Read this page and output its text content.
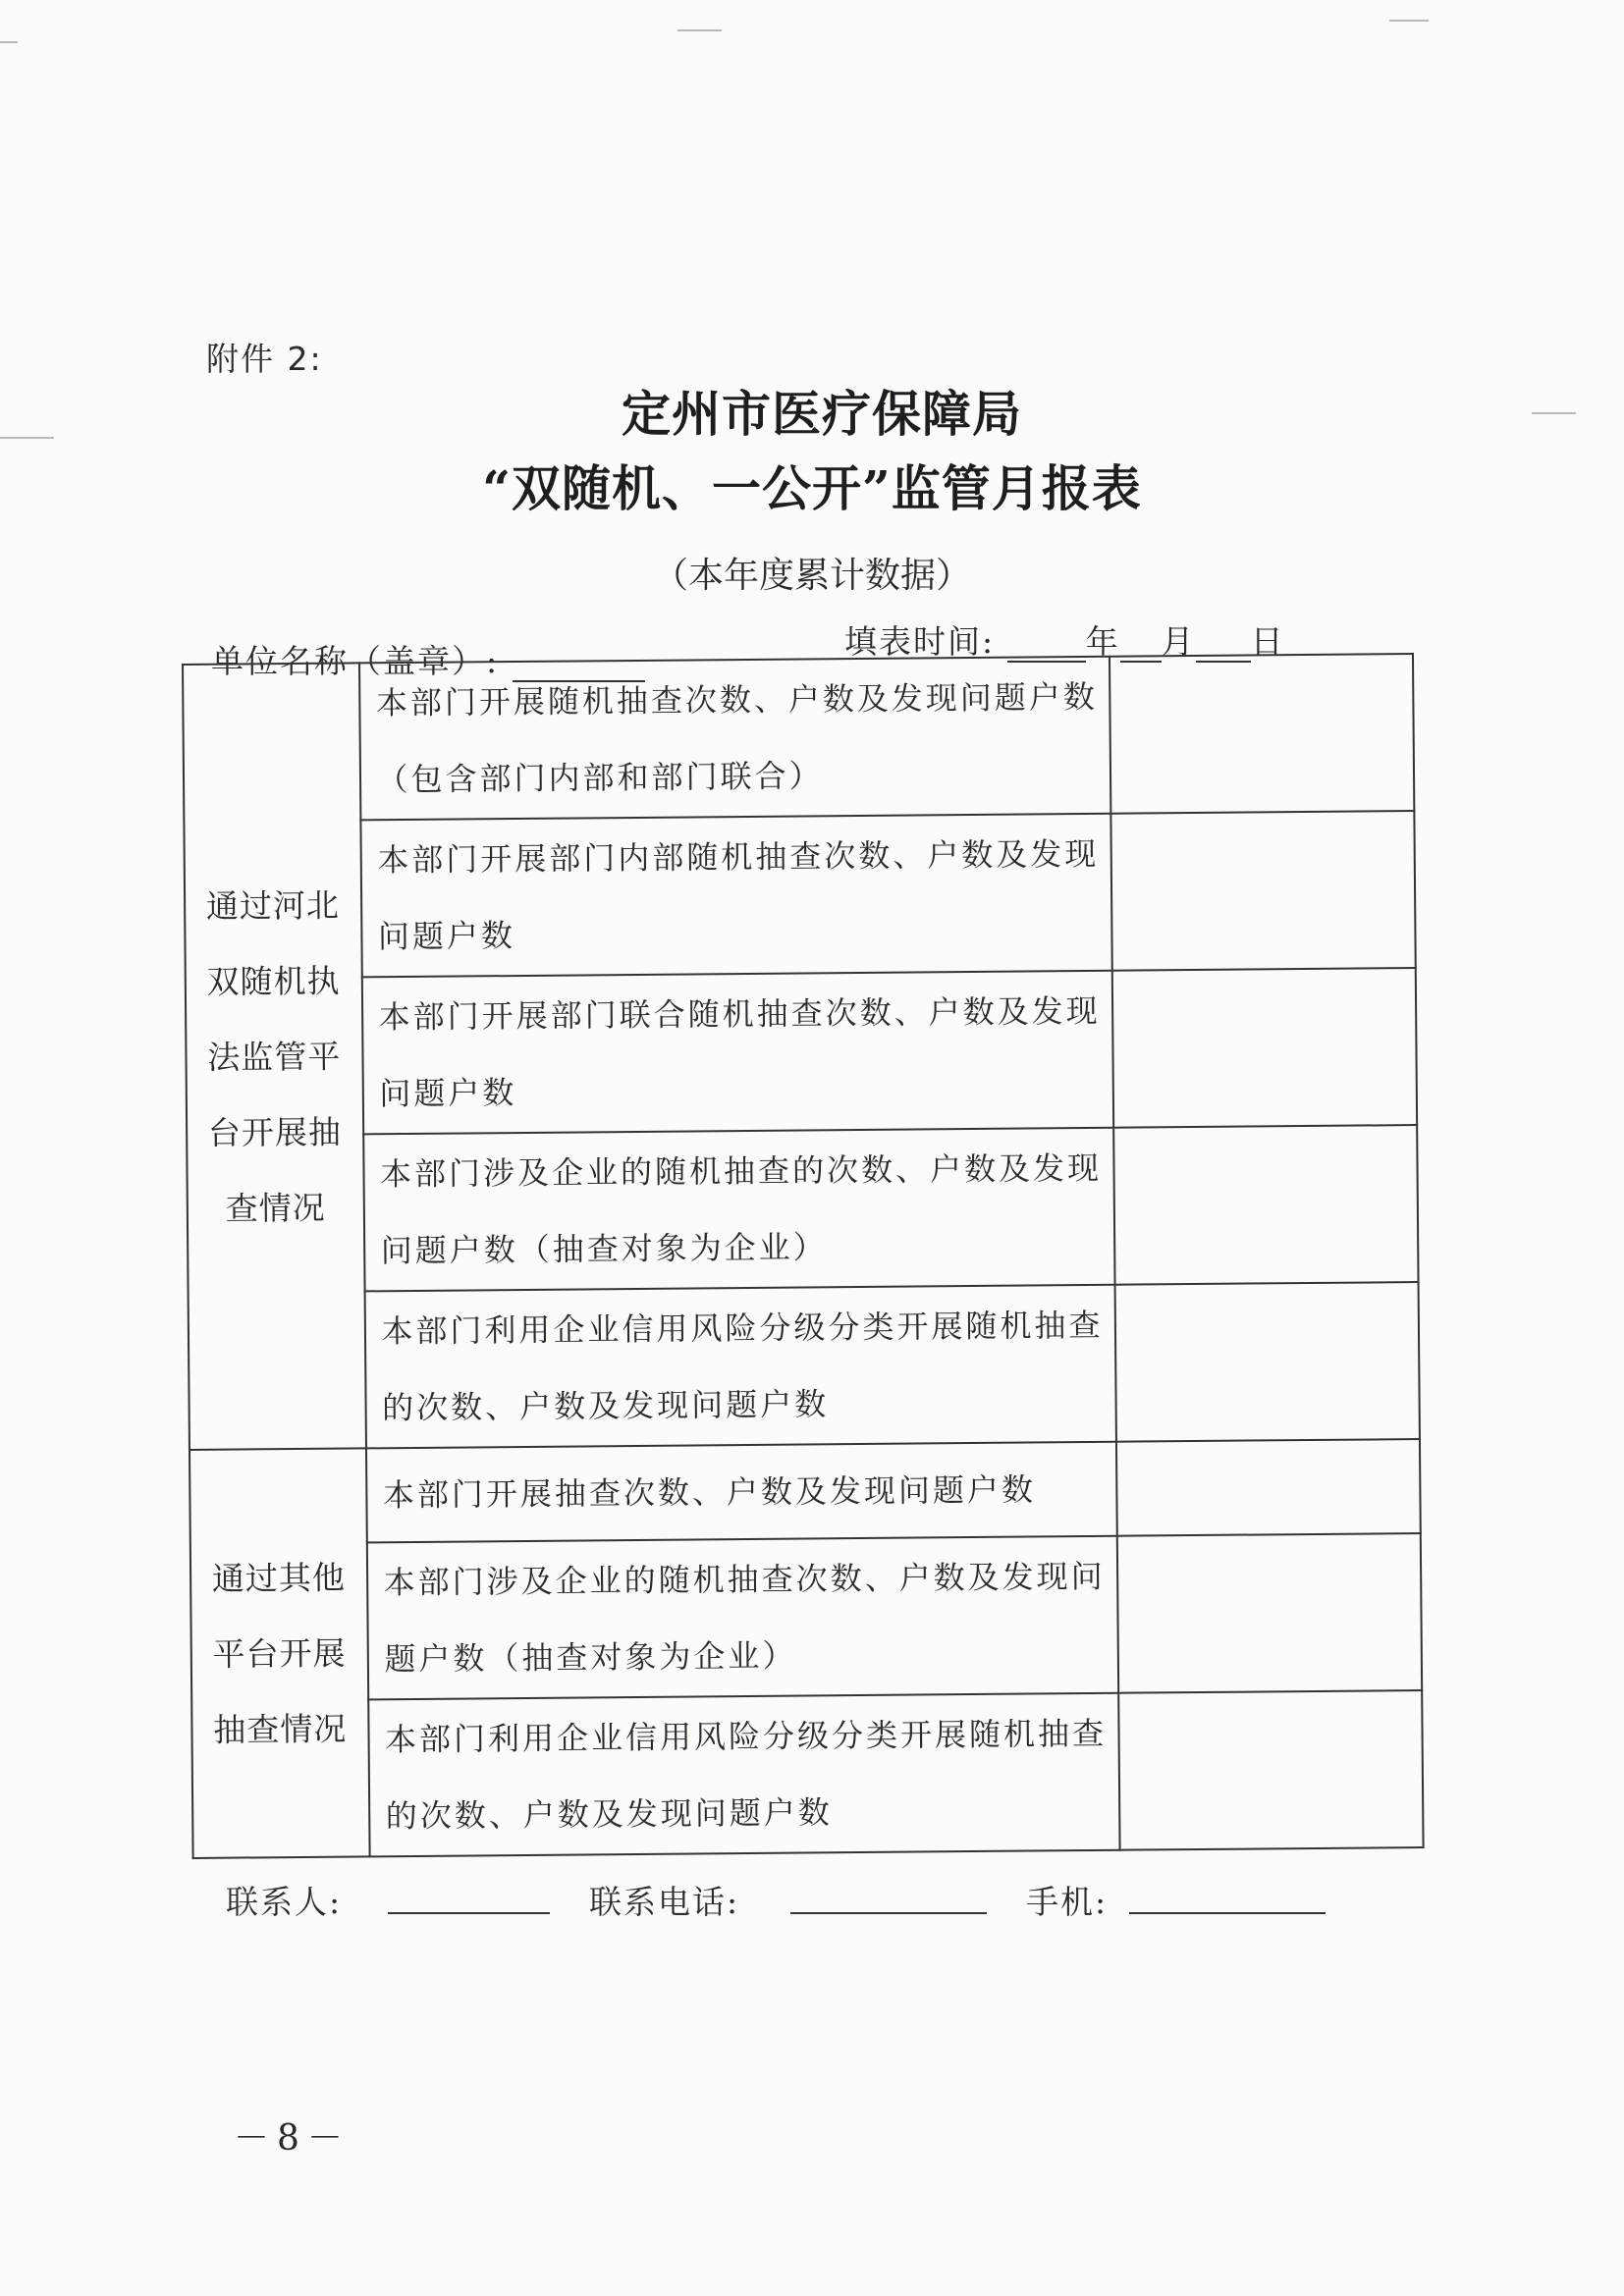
附件 2:
定州市医疗保障局
“双随机、一公开”监管月报表
（本年度累计数据）
单位名称（盖章）:
填表时间:	年 月 日
通过河北
双随机执
法监管平
台开展抽
查情况	本部门开展随机抽查次数、户数及发现问题户数（包含部门内部和部门联合）	
	本部门开展部门内部随机抽查次数、户数及发现问题户数	
	本部门开展部门联合随机抽查次数、户数及发现问题户数	
	本部门涉及企业的随机抽查的次数、户数及发现问题户数（抽查对象为企业）	
	本部门利用企业信用风险分级分类开展随机抽查的次数、户数及发现问题户数	

通过其他
平台开展
抽查情况	本部门开展抽查次数、户数及发现问题户数	
	本部门涉及企业的随机抽查次数、户数及发现问题户数（抽查对象为企业）	
	本部门利用企业信用风险分级分类开展随机抽查的次数、户数及发现问题户数	
联系人:	联系电话:	手机:
－8－
